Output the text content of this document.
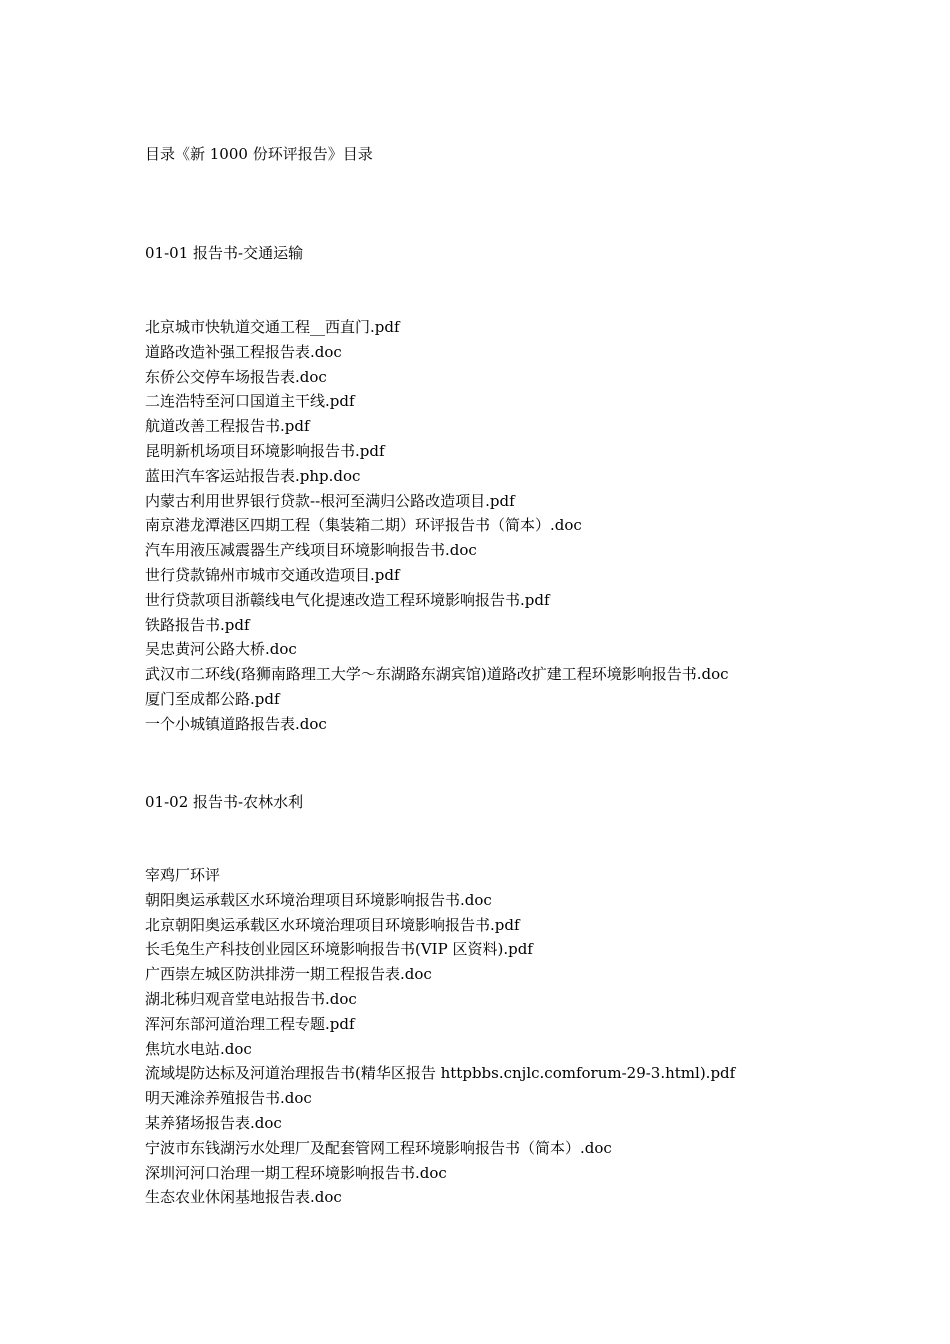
目录《新 1000 份环评报告》目录
01-01 报告书-交通运输
北京城市快轨道交通工程__西直门.pdf
道路改造补强工程报告表.doc
东侨公交停车场报告表.doc
二连浩特至河口国道主干线.pdf
航道改善工程报告书.pdf
昆明新机场项目环境影响报告书.pdf
蓝田汽车客运站报告表.php.doc
内蒙古利用世界银行贷款--根河至满归公路改造项目.pdf
南京港龙潭港区四期工程（集装箱二期）环评报告书（简本）.doc
汽车用液压减震器生产线项目环境影响报告书.doc
世行贷款锦州市城市交通改造项目.pdf
世行贷款项目浙赣线电气化提速改造工程环境影响报告书.pdf
铁路报告书.pdf
吴忠黄河公路大桥.doc
武汉市二环线(珞狮南路理工大学～东湖路东湖宾馆)道路改扩建工程环境影响报告书.doc
厦门至成都公路.pdf
一个小城镇道路报告表.doc
01-02 报告书-农林水利
宰鸡厂环评
朝阳奥运承载区水环境治理项目环境影响报告书.doc
北京朝阳奥运承载区水环境治理项目环境影响报告书.pdf
长毛兔生产科技创业园区环境影响报告书(VIP 区资料).pdf
广西崇左城区防洪排涝一期工程报告表.doc
湖北秭归观音堂电站报告书.doc
浑河东部河道治理工程专题.pdf
焦坑水电站.doc
流域堤防达标及河道治理报告书(精华区报告 httpbbs.cnjlc.comforum-29-3.html).pdf
明天滩涂养殖报告书.doc
某养猪场报告表.doc
宁波市东钱湖污水处理厂及配套管网工程环境影响报告书（简本）.doc
深圳河河口治理一期工程环境影响报告书.doc
生态农业休闲基地报告表.doc
